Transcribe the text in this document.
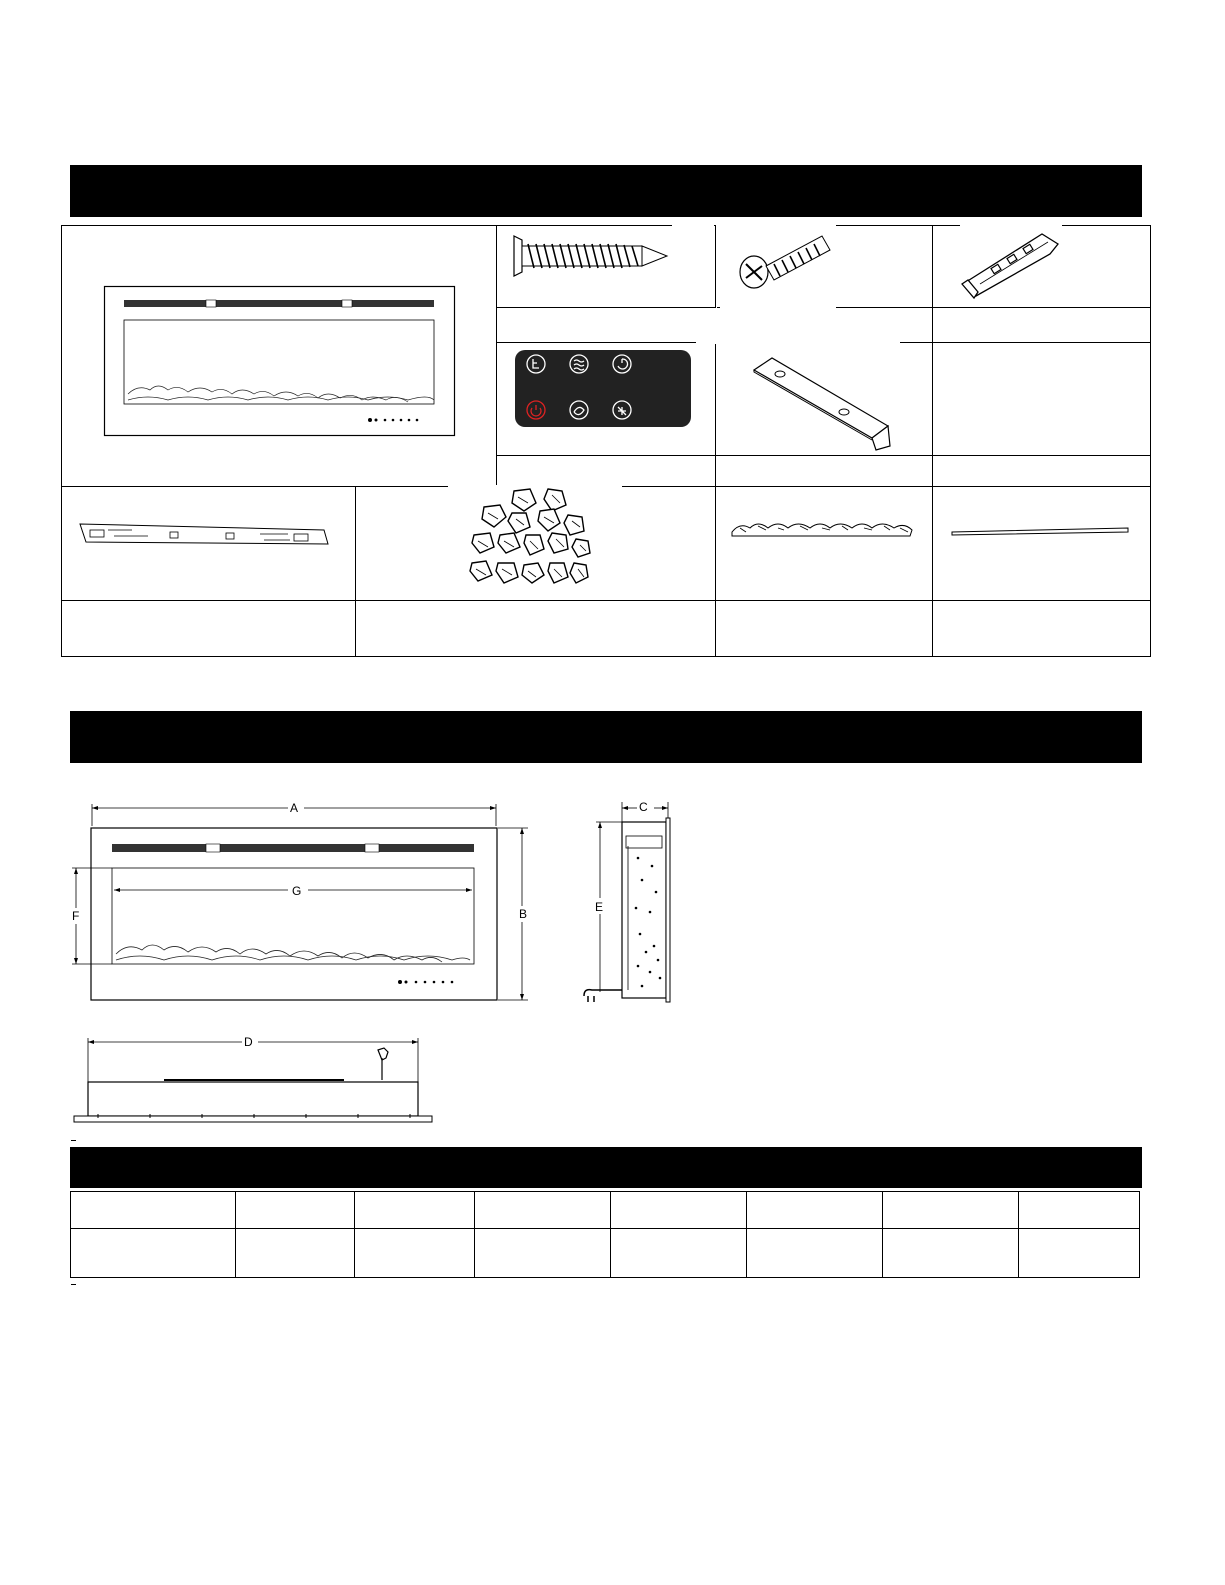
A
G
F	B
C
E
D
